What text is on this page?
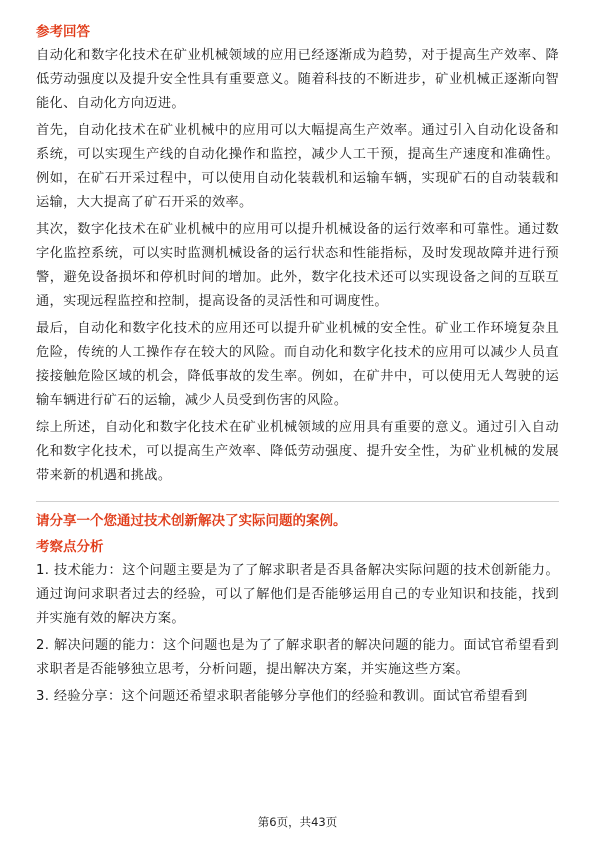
参考回答
自动化和数字化技术在矿业机械领域的应用已经逐渐成为趋势，对于提高生产效率、降低劳动强度以及提升安全性具有重要意义。随着科技的不断进步，矿业机械正逐渐向智能化、自动化方向迈进。
首先，自动化技术在矿业机械中的应用可以大幅提高生产效率。通过引入自动化设备和系统，可以实现生产线的自动化操作和监控，减少人工干预，提高生产速度和准确性。例如，在矿石开采过程中，可以使用自动化装载机和运输车辆，实现矿石的自动装载和运输，大大提高了矿石开采的效率。
其次，数字化技术在矿业机械中的应用可以提升机械设备的运行效率和可靠性。通过数字化监控系统，可以实时监测机械设备的运行状态和性能指标，及时发现故障并进行预警，避免设备损坏和停机时间的增加。此外，数字化技术还可以实现设备之间的互联互通，实现远程监控和控制，提高设备的灵活性和可调度性。
最后，自动化和数字化技术的应用还可以提升矿业机械的安全性。矿业工作环境复杂且危险，传统的人工操作存在较大的风险。而自动化和数字化技术的应用可以减少人员直接接触危险区域的机会，降低事故的发生率。例如，在矿井中，可以使用无人驾驶的运输车辆进行矿石的运输，减少人员受到伤害的风险。
综上所述，自动化和数字化技术在矿业机械领域的应用具有重要的意义。通过引入自动化和数字化技术，可以提高生产效率、降低劳动强度、提升安全性，为矿业机械的发展带来新的机遇和挑战。
请分享一个您通过技术创新解决了实际问题的案例。
考察点分析
1. 技术能力：这个问题主要是为了了解求职者是否具备解决实际问题的技术创新能力。通过询问求职者过去的经验，可以了解他们是否能够运用自己的专业知识和技能，找到并实施有效的解决方案。
2. 解决问题的能力：这个问题也是为了了解求职者的解决问题的能力。面试官希望看到求职者是否能够独立思考，分析问题，提出解决方案，并实施这些方案。
3. 经验分享：这个问题还希望求职者能够分享他们的经验和教训。面试官希望看到
第6页，共43页
